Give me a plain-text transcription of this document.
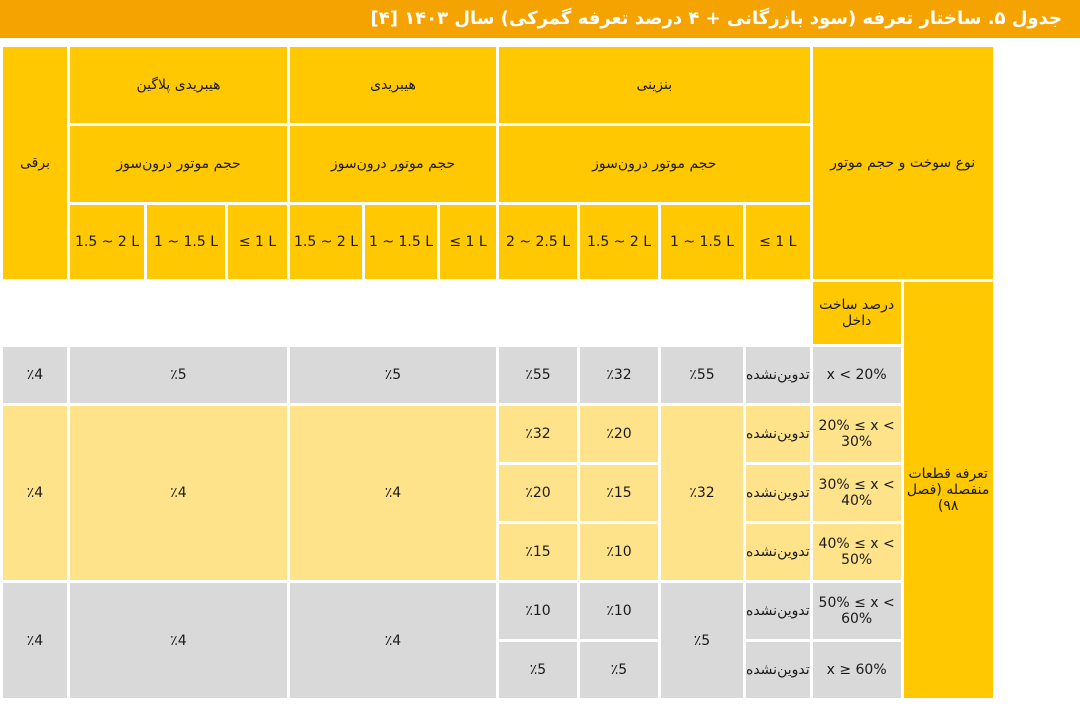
جدول ۵. ساختار تعرفه (سود بازرگانی + ۴ درصد تعرفه گمرکی) سال ۱۴۰۳ [۴]
برقی	هیبریدی پلاگین			هیبریدی			بنزینی				نوع سوخت و حجم موتور	
	حجم موتور درون‌سوز			حجم موتور درون‌سوز			حجم موتور درون‌سوز					
	1.5 ~ 2 L	1 ~ 1.5 L	≤ 1 L	1.5 ~ 2 L	1 ~ 1.5 L	≤ 1 L	2 ~ 2.5 L	1.5 ~ 2 L	1 ~ 1.5 L	≤ 1 L		
											درصد ساخت داخل	تعرفه قطعات منفصله (فصل ۹۸)
٪4	٪5			٪5			٪55	٪32	٪55	تدوین‌نشده	x < 20%	
٪4	٪4			٪4			٪32	٪20	٪32	تدوین‌نشده	20% ≤ x < 30%	
							٪20	٪15		تدوین‌نشده	30% ≤ x < 40%	
							٪15	٪10		تدوین‌نشده	40% ≤ x < 50%	
٪4	٪4			٪4			٪10	٪10	٪5	تدوین‌نشده	50% ≤ x < 60%	
							٪5	٪5		تدوین‌نشده	x ≥ 60%	
